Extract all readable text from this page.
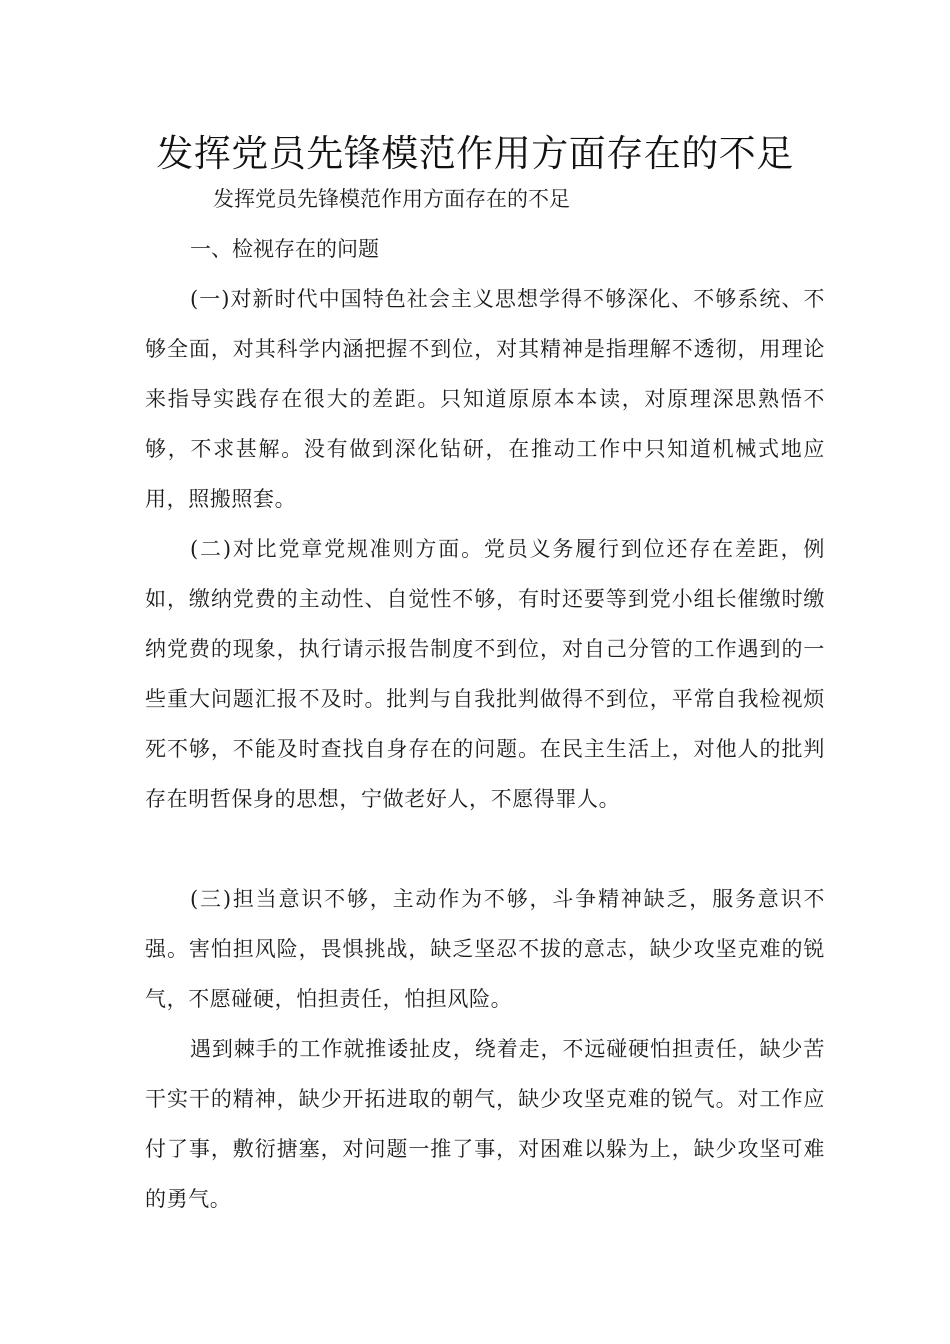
发挥党员先锋模范作用方面存在的不足

发挥党员先锋模范作用方面存在的不足

一、检视存在的问题

(一)对新时代中国特色社会主义思想学得不够深化、不够系统、不够全面，对其科学内涵把握不到位，对其精神是指理解不透彻，用理论来指导实践存在很大的差距。只知道原原本本读，对原理深思熟悟不够，不求甚解。没有做到深化钻研，在推动工作中只知道机械式地应用，照搬照套。

(二)对比党章党规准则方面。党员义务履行到位还存在差距，例如，缴纳党费的主动性、自觉性不够，有时还要等到党小组长催缴时缴纳党费的现象，执行请示报告制度不到位，对自己分管的工作遇到的一些重大问题汇报不及时。批判与自我批判做得不到位，平常自我检视烦死不够，不能及时查找自身存在的问题。在民主生活上，对他人的批判存在明哲保身的思想，宁做老好人，不愿得罪人。

(三)担当意识不够，主动作为不够，斗争精神缺乏，服务意识不强。害怕担风险，畏惧挑战，缺乏坚忍不拔的意志，缺少攻坚克难的锐气，不愿碰硬，怕担责任，怕担风险。

遇到棘手的工作就推诿扯皮，绕着走，不远碰硬怕担责任，缺少苦干实干的精神，缺少开拓进取的朝气，缺少攻坚克难的锐气。对工作应付了事，敷衍搪塞，对问题一推了事，对困难以躲为上，缺少攻坚可难的勇气。
